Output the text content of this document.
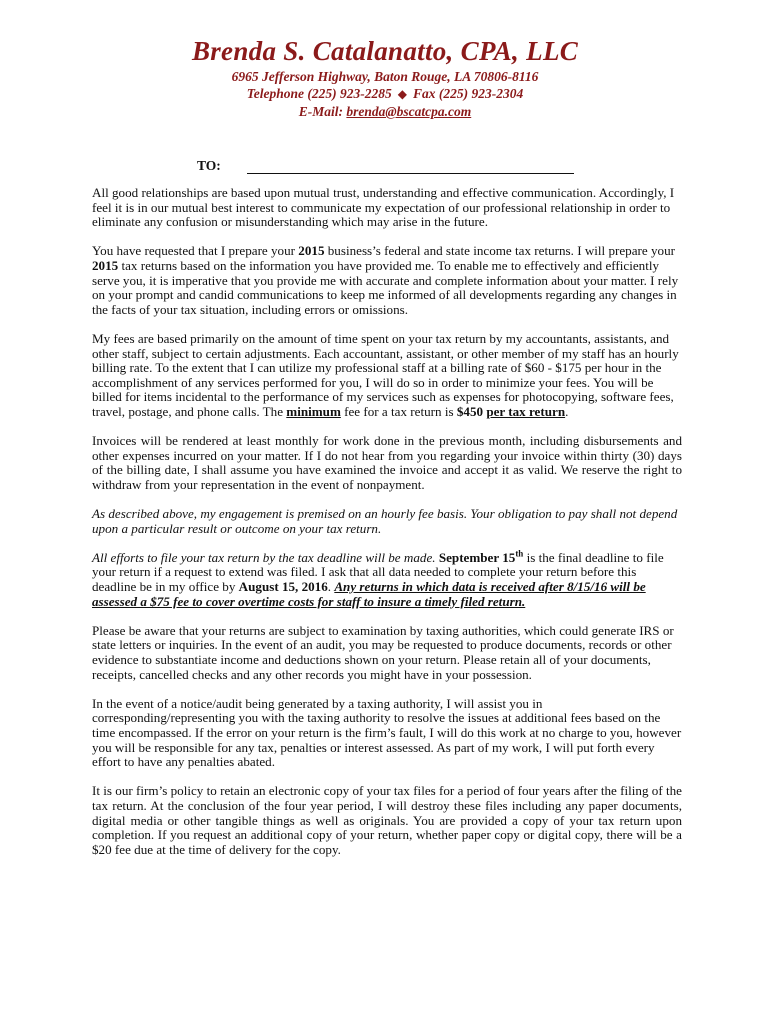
Brenda S. Catalanatto, CPA, LLC
6965 Jefferson Highway, Baton Rouge, LA 70806-8116
Telephone (225) 923-2285 ◆ Fax (225) 923-2304
E-Mail: brenda@bscatcpa.com
TO:

All good relationships are based upon mutual trust, understanding and effective communication. Accordingly, I feel it is in our mutual best interest to communicate my expectation of our professional relationship in order to eliminate any confusion or misunderstanding which may arise in the future.

You have requested that I prepare your 2015 business’s federal and state income tax returns. I will prepare your 2015 tax returns based on the information you have provided me. To enable me to effectively and efficiently serve you, it is imperative that you provide me with accurate and complete information about your matter. I rely on your prompt and candid communications to keep me informed of all developments regarding any changes in the facts of your tax situation, including errors or omissions.

My fees are based primarily on the amount of time spent on your tax return by my accountants, assistants, and other staff, subject to certain adjustments. Each accountant, assistant, or other member of my staff has an hourly billing rate. To the extent that I can utilize my professional staff at a billing rate of $60 - $175 per hour in the accomplishment of any services performed for you, I will do so in order to minimize your fees. You will be billed for items incidental to the performance of my services such as expenses for photocopying, software fees, travel, postage, and phone calls. The minimum fee for a tax return is $450 per tax return.

Invoices will be rendered at least monthly for work done in the previous month, including disbursements and other expenses incurred on your matter. If I do not hear from you regarding your invoice within thirty (30) days of the billing date, I shall assume you have examined the invoice and accept it as valid. We reserve the right to withdraw from your representation in the event of nonpayment.

As described above, my engagement is premised on an hourly fee basis. Your obligation to pay shall not depend upon a particular result or outcome on your tax return.

All efforts to file your tax return by the tax deadline will be made. September 15th is the final deadline to file your return if a request to extend was filed. I ask that all data needed to complete your return before this deadline be in my office by August 15, 2016. Any returns in which data is received after 8/15/16 will be assessed a $75 fee to cover overtime costs for staff to insure a timely filed return.

Please be aware that your returns are subject to examination by taxing authorities, which could generate IRS or state letters or inquiries. In the event of an audit, you may be requested to produce documents, records or other evidence to substantiate income and deductions shown on your return. Please retain all of your documents, receipts, cancelled checks and any other records you might have in your possession.

In the event of a notice/audit being generated by a taxing authority, I will assist you in corresponding/representing you with the taxing authority to resolve the issues at additional fees based on the time encompassed. If the error on your return is the firm’s fault, I will do this work at no charge to you, however you will be responsible for any tax, penalties or interest assessed. As part of my work, I will put forth every effort to have any penalties abated.

It is our firm’s policy to retain an electronic copy of your tax files for a period of four years after the filing of the tax return. At the conclusion of the four year period, I will destroy these files including any paper documents, digital media or other tangible things as well as originals. You are provided a copy of your tax return upon completion. If you request an additional copy of your return, whether paper copy or digital copy, there will be a $20 fee due at the time of delivery for the copy.
